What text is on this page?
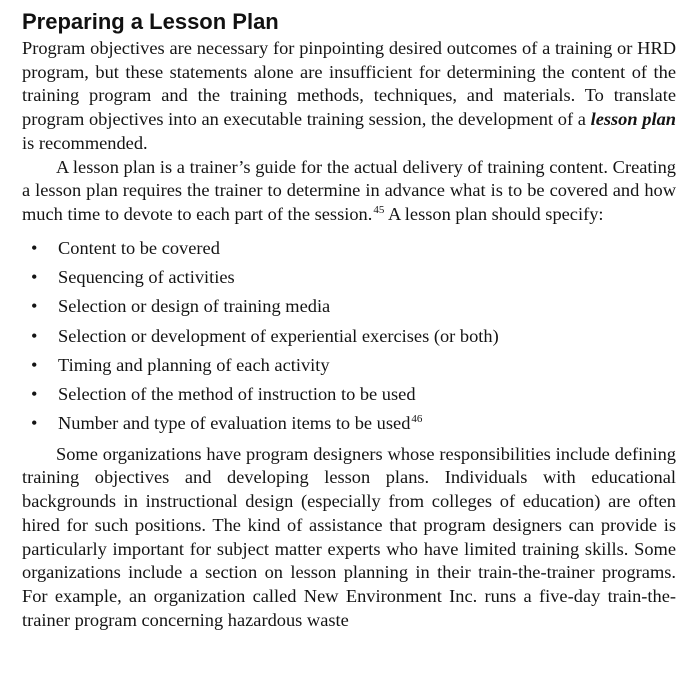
Preparing a Lesson Plan

Program objectives are necessary for pinpointing desired outcomes of a training or HRD program, but these statements alone are insufficient for determining the content of the training program and the training methods, techniques, and materials. To translate program objectives into an executable training session, the development of a lesson plan is recommended.

A lesson plan is a trainer’s guide for the actual delivery of training content. Creating a lesson plan requires the trainer to determine in advance what is to be covered and how much time to devote to each part of the session.$^{45}$ A lesson plan should specify:

• Content to be covered
• Sequencing of activities
• Selection or design of training media
• Selection or development of experiential exercises (or both)
• Timing and planning of each activity
• Selection of the method of instruction to be used
• Number and type of evaluation items to be used$^{46}$

Some organizations have program designers whose responsibilities include defining training objectives and developing lesson plans. Individuals with educational backgrounds in instructional design (especially from colleges of education) are often hired for such positions. The kind of assistance that program designers can provide is particularly important for subject matter experts who have limited training skills. Some organizations include a section on lesson planning in their train-the-trainer programs. For example, an organization called New Environment Inc. runs a five-day train-the-trainer program concerning hazardous waste
